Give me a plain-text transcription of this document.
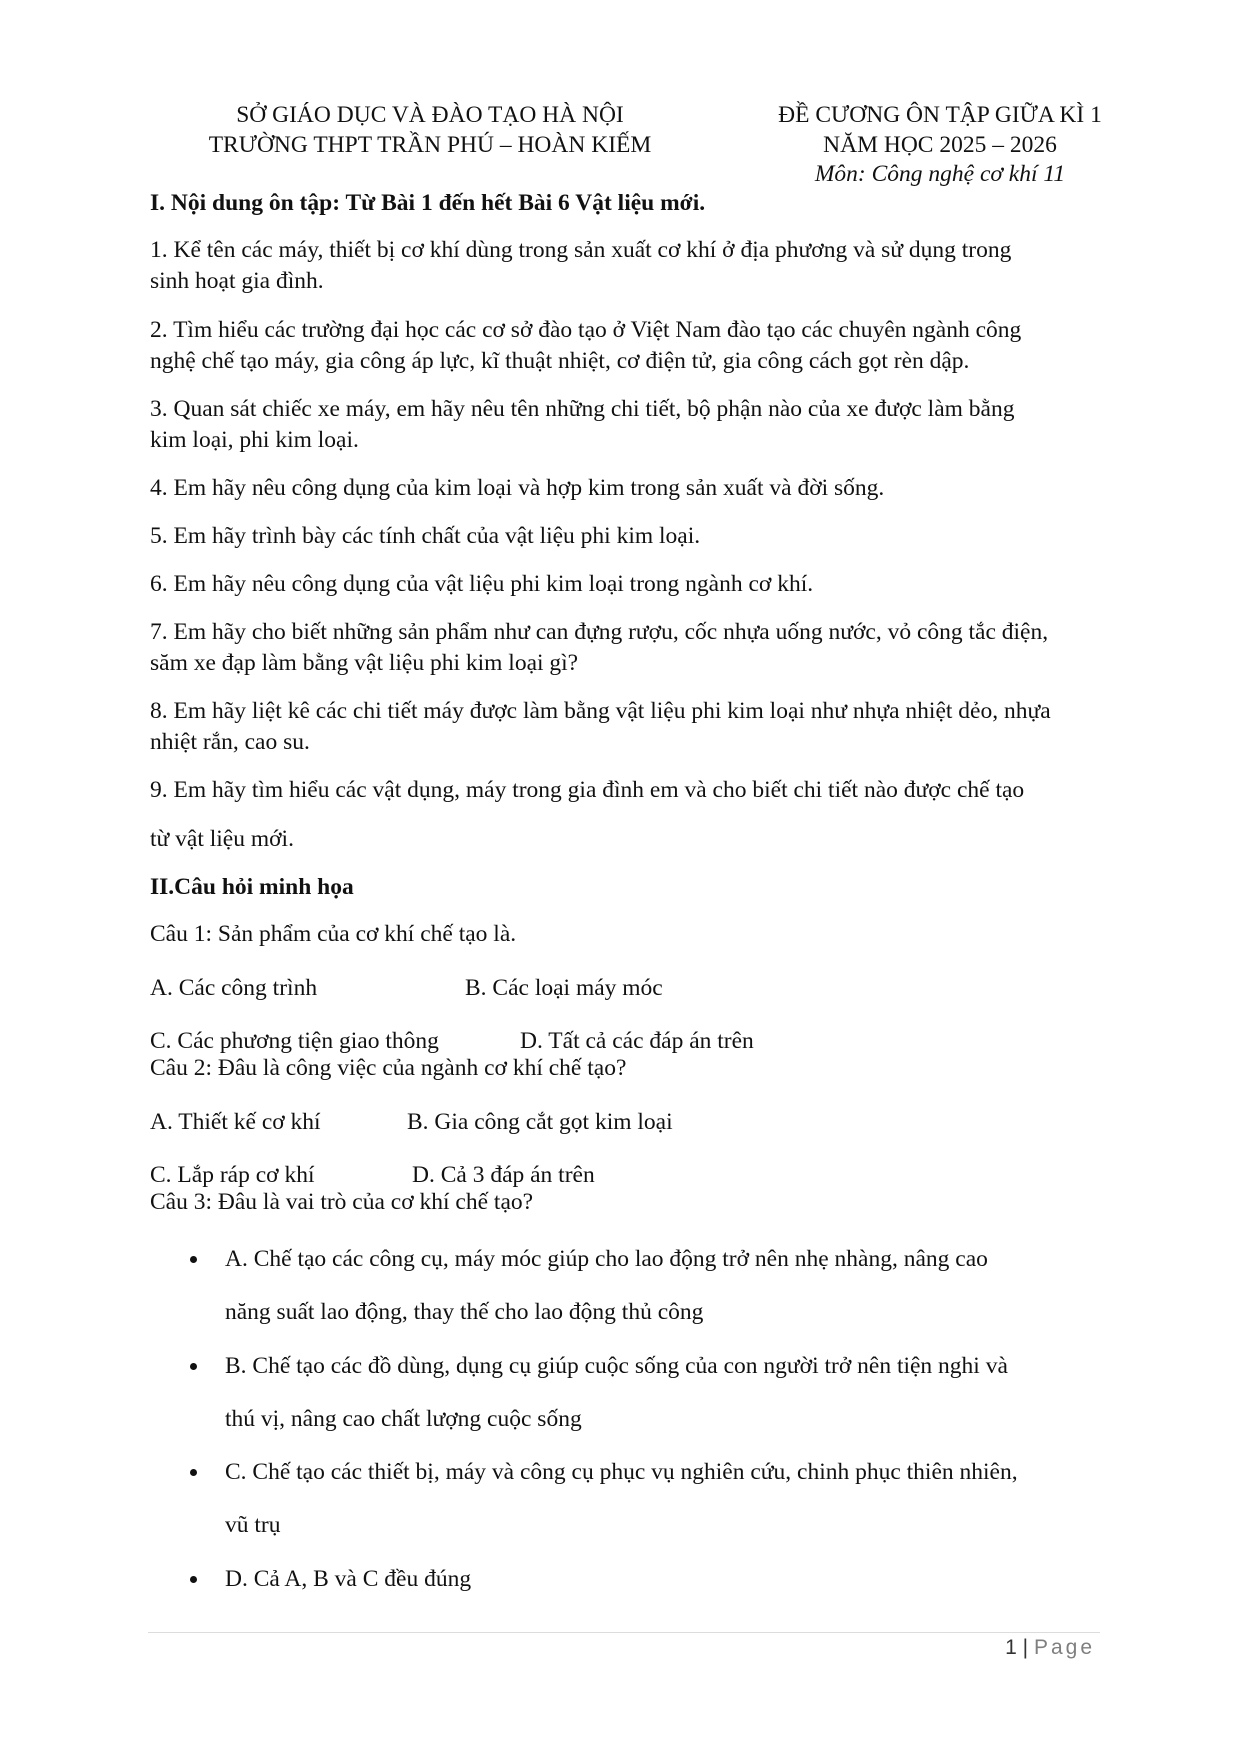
SỞ GIÁO DỤC VÀ ĐÀO TẠO HÀ NỘI
TRƯỜNG THPT TRẦN PHÚ – HOÀN KIẾM
ĐỀ CƯƠNG ÔN TẬP GIỮA KÌ 1
NĂM HỌC 2025 – 2026
Môn: Công nghệ cơ khí 11
I. Nội dung ôn tập: Từ Bài 1 đến hết Bài 6 Vật liệu mới.
1. Kể tên các máy, thiết bị cơ khí dùng trong sản xuất cơ khí ở địa phương và sử dụng trong
sinh hoạt gia đình.
2. Tìm hiểu các trường đại học các cơ sở đào tạo ở Việt Nam đào tạo các chuyên ngành công
nghệ chế tạo máy, gia công áp lực, kĩ thuật nhiệt, cơ điện tử, gia công cách gọt rèn dập.
3. Quan sát chiếc xe máy, em hãy nêu tên những chi tiết, bộ phận nào của xe được làm bằng
kim loại, phi kim loại.
4. Em hãy nêu công dụng của kim loại và hợp kim trong sản xuất và đời sống.
5. Em hãy trình bày các tính chất của vật liệu phi kim loại.
6. Em hãy nêu công dụng của vật liệu phi kim loại trong ngành cơ khí.
7. Em hãy cho biết những sản phẩm như can đựng rượu, cốc nhựa uống nước, vỏ công tắc điện,
săm xe đạp làm bằng vật liệu phi kim loại gì?
8. Em hãy liệt kê các chi tiết máy được làm bằng vật liệu phi kim loại như nhựa nhiệt dẻo, nhựa
nhiệt rắn, cao su.
9. Em hãy tìm hiểu các vật dụng, máy trong gia đình em và cho biết chi tiết nào được chế tạo
từ vật liệu mới.
II.Câu hỏi minh họa
Câu 1: Sản phẩm của cơ khí chế tạo là.
A. Các công trình	B. Các loại máy móc
C. Các phương tiện giao thông	D. Tất cả các đáp án trên
Câu 2: Đâu là công việc của ngành cơ khí chế tạo?
A. Thiết kế cơ khí	B. Gia công cắt gọt kim loại
C. Lắp ráp cơ khí	D. Cả 3 đáp án trên
Câu 3: Đâu là vai trò của cơ khí chế tạo?
A. Chế tạo các công cụ, máy móc giúp cho lao động trở nên nhẹ nhàng, nâng cao
năng suất lao động, thay thế cho lao động thủ công
B. Chế tạo các đồ dùng, dụng cụ giúp cuộc sống của con người trở nên tiện nghi và
thú vị, nâng cao chất lượng cuộc sống
C. Chế tạo các thiết bị, máy và công cụ phục vụ nghiên cứu, chinh phục thiên nhiên,
vũ trụ
D. Cả A, B và C đều đúng
1 | Page
